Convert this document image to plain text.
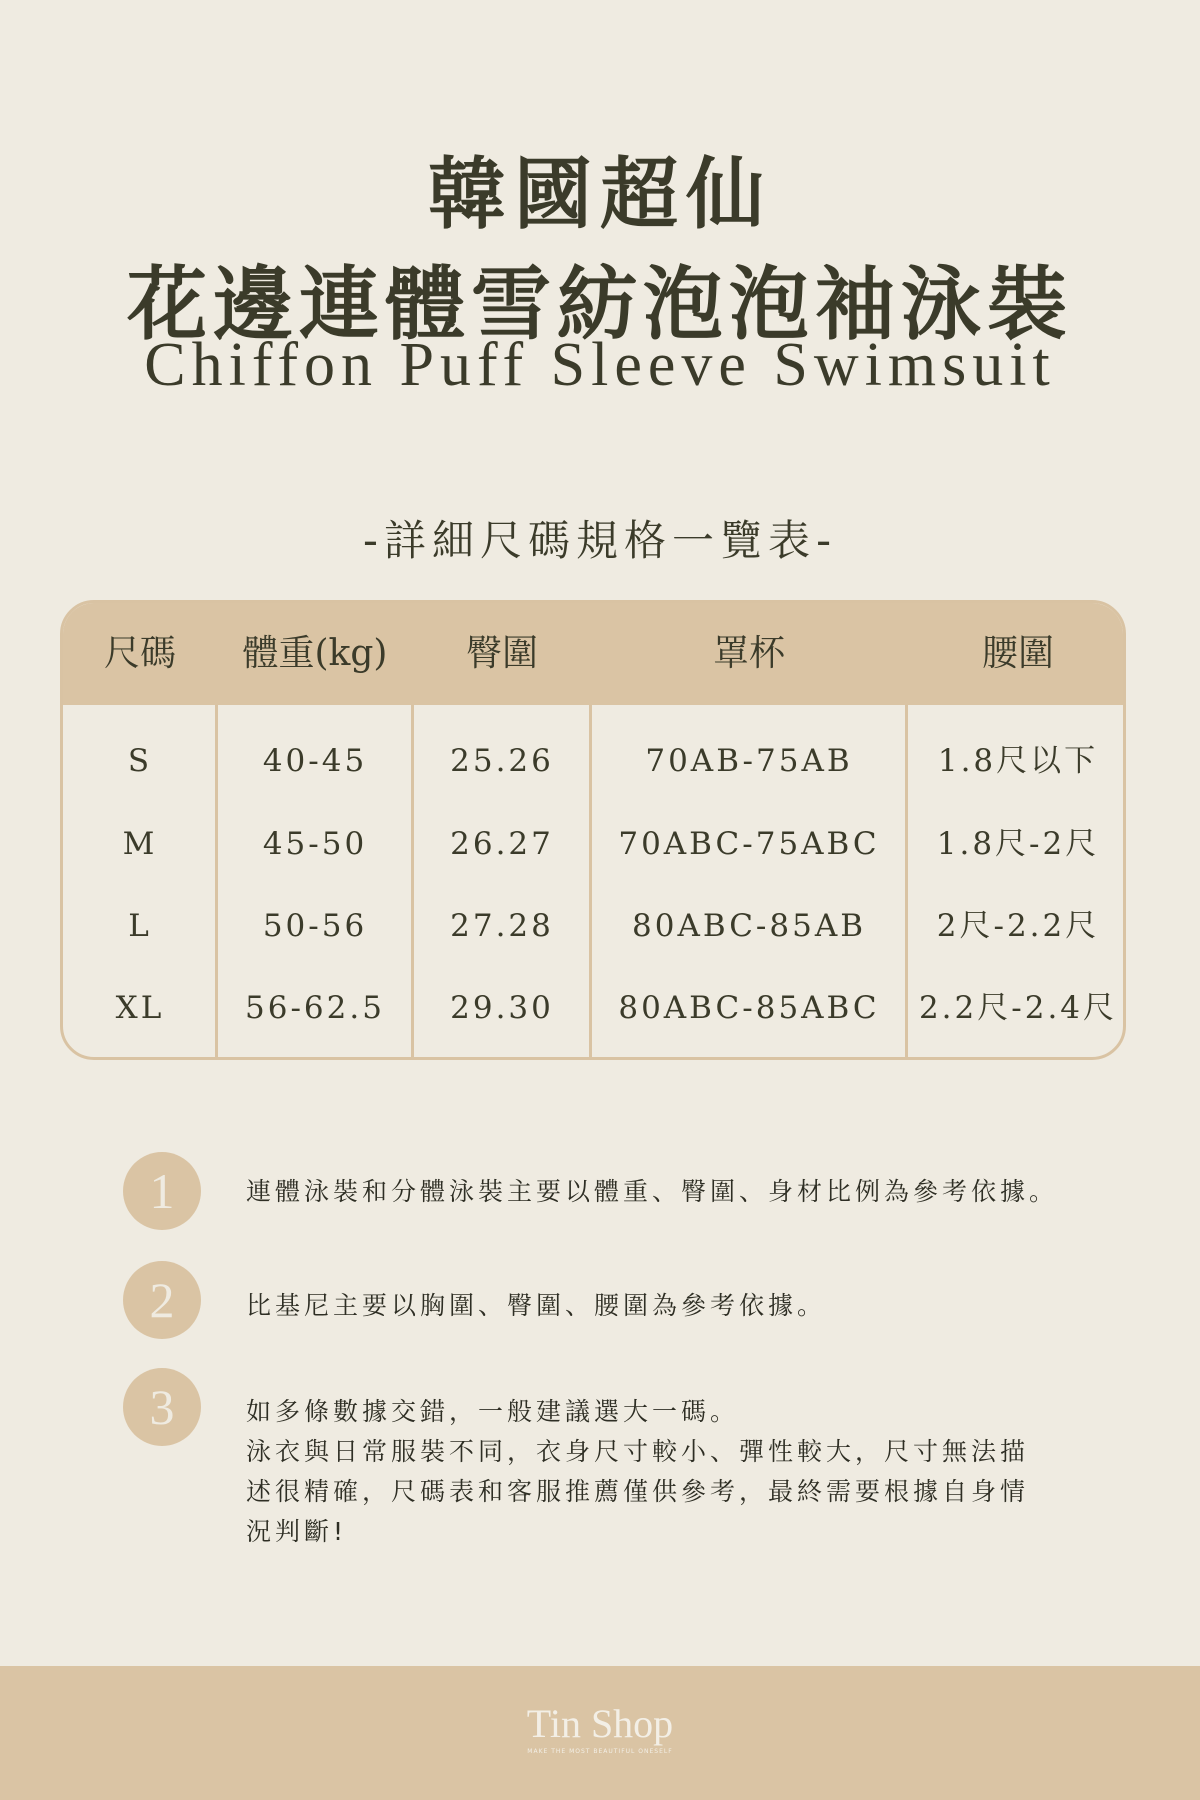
韓國超仙
花邊連體雪紡泡泡袖泳裝
Chiffon Puff Sleeve Swimsuit
-詳細尺碼規格一覽表-
尺碼	體重(kg)	臀圍	罩杯	腰圍
S	40-45	25.26	70AB-75AB	1.8尺以下
M	45-50	26.27	70ABC-75ABC	1.8尺-2尺
L	50-56	27.28	80ABC-85AB	2尺-2.2尺
XL	56-62.5	29.30	80ABC-85ABC	2.2尺-2.4尺
1	連體泳裝和分體泳裝主要以體重、臀圍、身材比例為參考依據。
2	比基尼主要以胸圍、臀圍、腰圍為參考依據。
3	如多條數據交錯，一般建議選大一碼。
泳衣與日常服裝不同，衣身尺寸較小、彈性較大，尺寸無法描
述很精確，尺碼表和客服推薦僅供參考，最終需要根據自身情
況判斷!
Tin Shop
MAKE THE MOST BEAUTIFUL ONESELF
